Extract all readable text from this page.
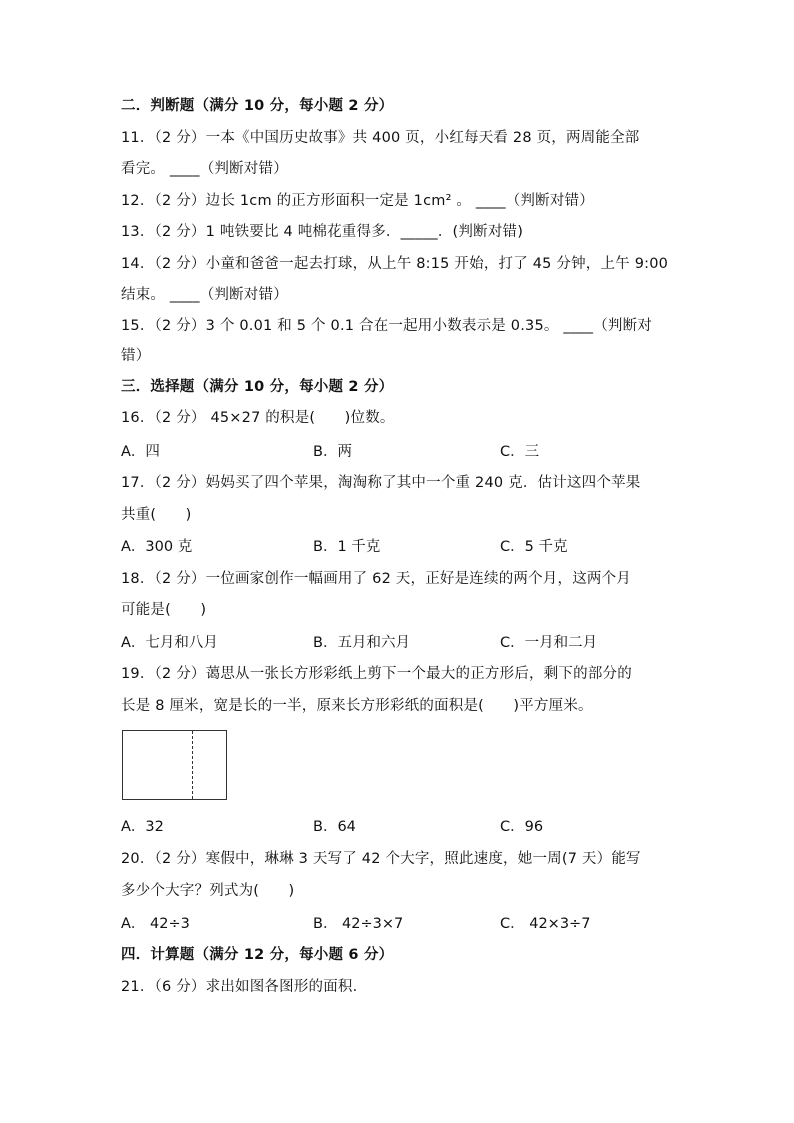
二．判断题（满分 10 分，每小题 2 分）
11．（2 分）一本《中国历史故事》共 400 页，小红每天看 28 页，两周能全部
看完。 ____（判断对错）
12．（2 分）边长 1cm 的正方形面积一定是 1cm² 。 ____（判断对错）
13．（2 分）1 吨铁要比 4 吨棉花重得多．_____．(判断对错)
14．（2 分）小童和爸爸一起去打球，从上午 8:15 开始，打了 45 分钟，上午 9:00
结束。 ____（判断对错）
15．（2 分）3 个 0.01 和 5 个 0.1 合在一起用小数表示是 0.35。 ____（判断对
错）
三．选择题（满分 10 分，每小题 2 分）
16．（2 分） 45×27 的积是(　　)位数。
A．四	B．两	C．三
17．（2 分）妈妈买了四个苹果，淘淘称了其中一个重 240 克．估计这四个苹果
共重(　　)
A．300 克	B．1 千克	C．5 千克
18．（2 分）一位画家创作一幅画用了 62 天，正好是连续的两个月，这两个月
可能是(　　)
A．七月和八月	B．五月和六月	C．一月和二月
19．（2 分）蔼思从一张长方形彩纸上剪下一个最大的正方形后，剩下的部分的
长是 8 厘米，宽是长的一半，原来长方形彩纸的面积是(　　)平方厘米。
A．32	B．64	C．96
20．（2 分）寒假中，琳琳 3 天写了 42 个大字，照此速度，她一周(7 天）能写
多少个大字？列式为(　　)
A． 42÷3	B． 42÷3×7	C． 42×3÷7
四．计算题（满分 12 分，每小题 6 分）
21．（6 分）求出如图各图形的面积．
